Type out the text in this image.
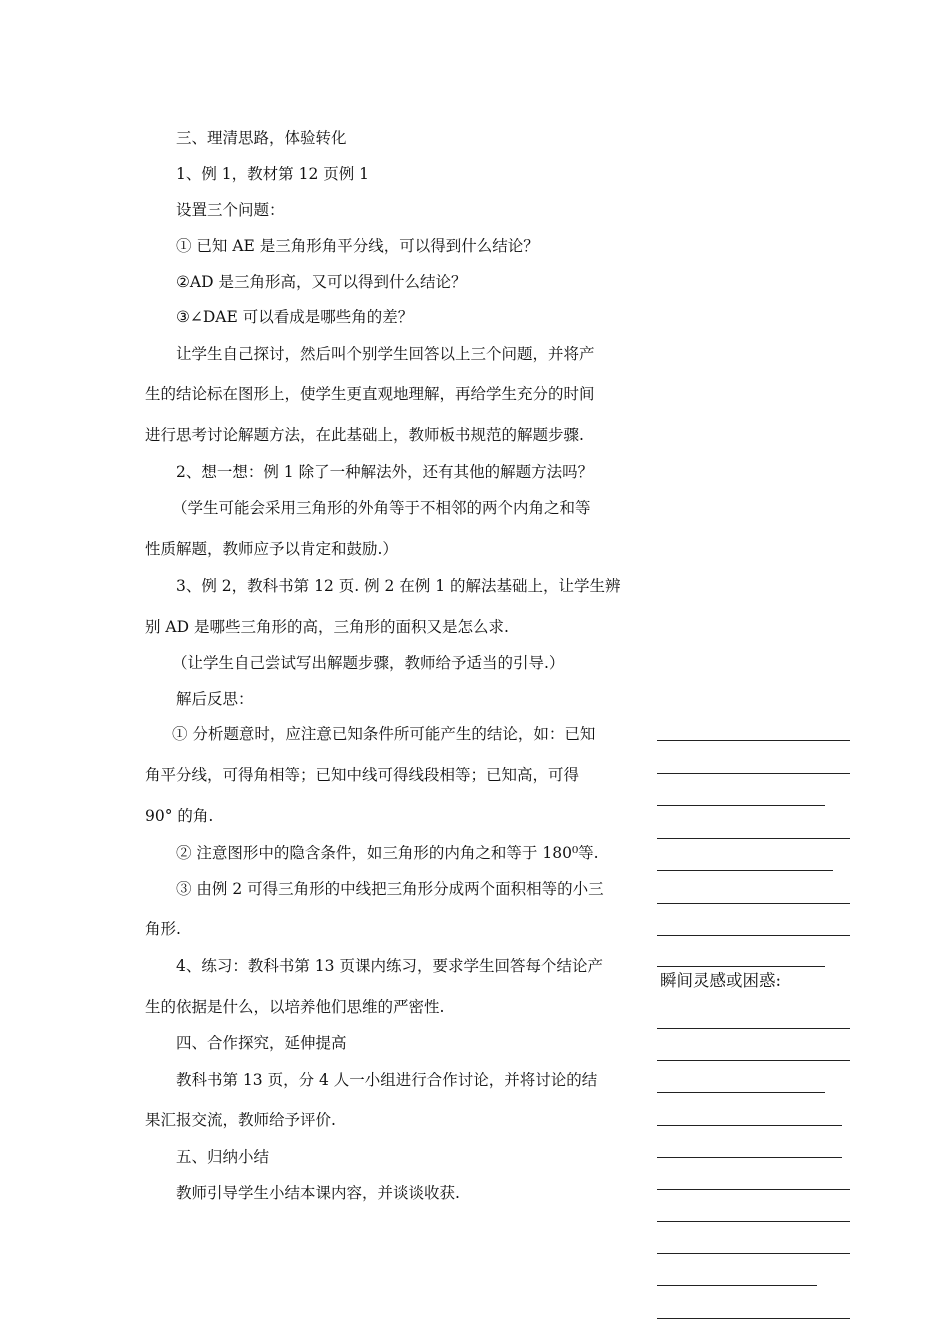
三、理清思路，体验转化
1、例 1，教材第 12 页例 1
设置三个问题：
① 已知 AE 是三角形角平分线，可以得到什么结论？
②AD 是三角形高，又可以得到什么结论？
③∠DAE 可以看成是哪些角的差？
让学生自己探讨，然后叫个别学生回答以上三个问题，并将产
生的结论标在图形上，使学生更直观地理解，再给学生充分的时间
进行思考讨论解题方法，在此基础上，教师板书规范的解题步骤.
2、想一想：例 1 除了一种解法外，还有其他的解题方法吗？
（学生可能会采用三角形的外角等于不相邻的两个内角之和等
性质解题，教师应予以肯定和鼓励.）
3、例 2，教科书第 12 页. 例 2 在例 1 的解法基础上，让学生辨
别 AD 是哪些三角形的高，三角形的面积又是怎么求.
（让学生自己尝试写出解题步骤，教师给予适当的引导.）
解后反思：
① 分析题意时，应注意已知条件所可能产生的结论，如：已知
角平分线，可得角相等；已知中线可得线段相等；已知高，可得
90° 的角.
② 注意图形中的隐含条件，如三角形的内角之和等于 180⁰等.
③ 由例 2 可得三角形的中线把三角形分成两个面积相等的小三
角形.
4、练习：教科书第 13 页课内练习，要求学生回答每个结论产
生的依据是什么，以培养他们思维的严密性.
四、合作探究，延伸提高
教科书第 13 页，分 4 人一小组进行合作讨论，并将讨论的结
果汇报交流，教师给予评价.
五、归纳小结
教师引导学生小结本课内容，并谈谈收获.
瞬间灵感或困惑:
